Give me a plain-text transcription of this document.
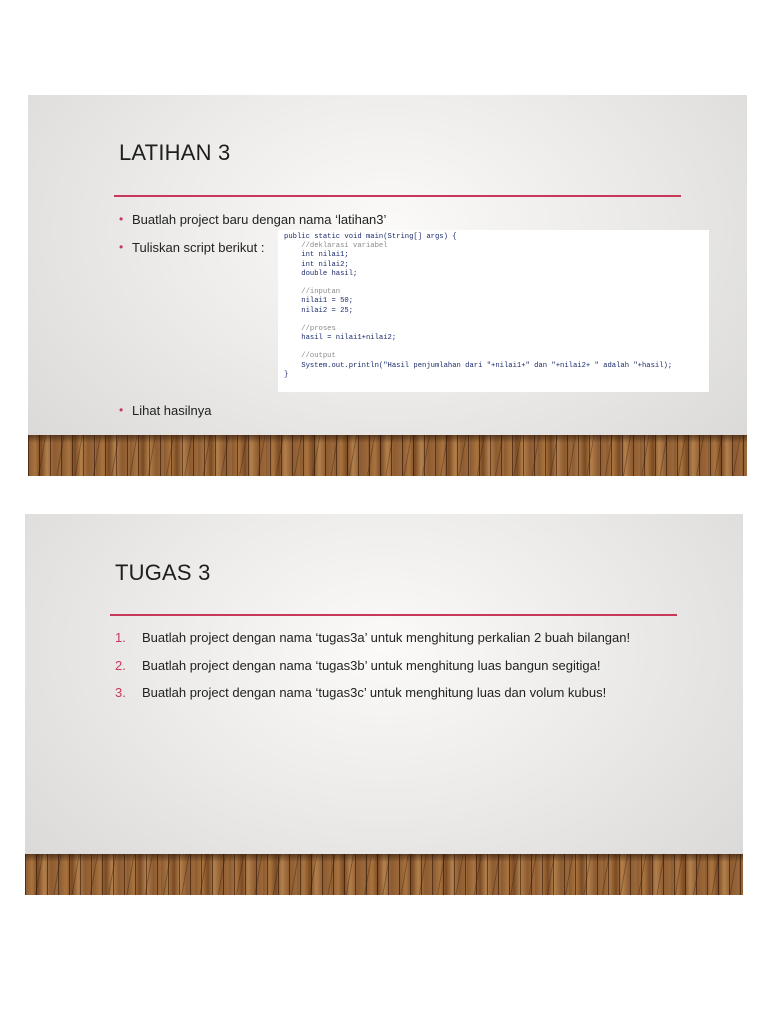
LATIHAN 3
• Buatlah project baru dengan nama ‘latihan3’
• Tuliskan script berikut :
public static void main(String[] args) {
//deklarasi variabel
int nilai1;
int nilai2;
double hasil;
//inputan
nilai1 = 50;
nilai2 = 25;
//proses
hasil = nilai1+nilai2;
//output
System.out.println("Hasil penjumlahan dari "+nilai1+" dan "+nilai2+ " adalah "+hasil);
}
• Lihat hasilnya
TUGAS 3
1. Buatlah project dengan nama ‘tugas3a’ untuk menghitung perkalian 2 buah bilangan!
2. Buatlah project dengan nama ‘tugas3b’ untuk menghitung luas bangun segitiga!
3. Buatlah project dengan nama ‘tugas3c’ untuk menghitung luas dan volum kubus!
